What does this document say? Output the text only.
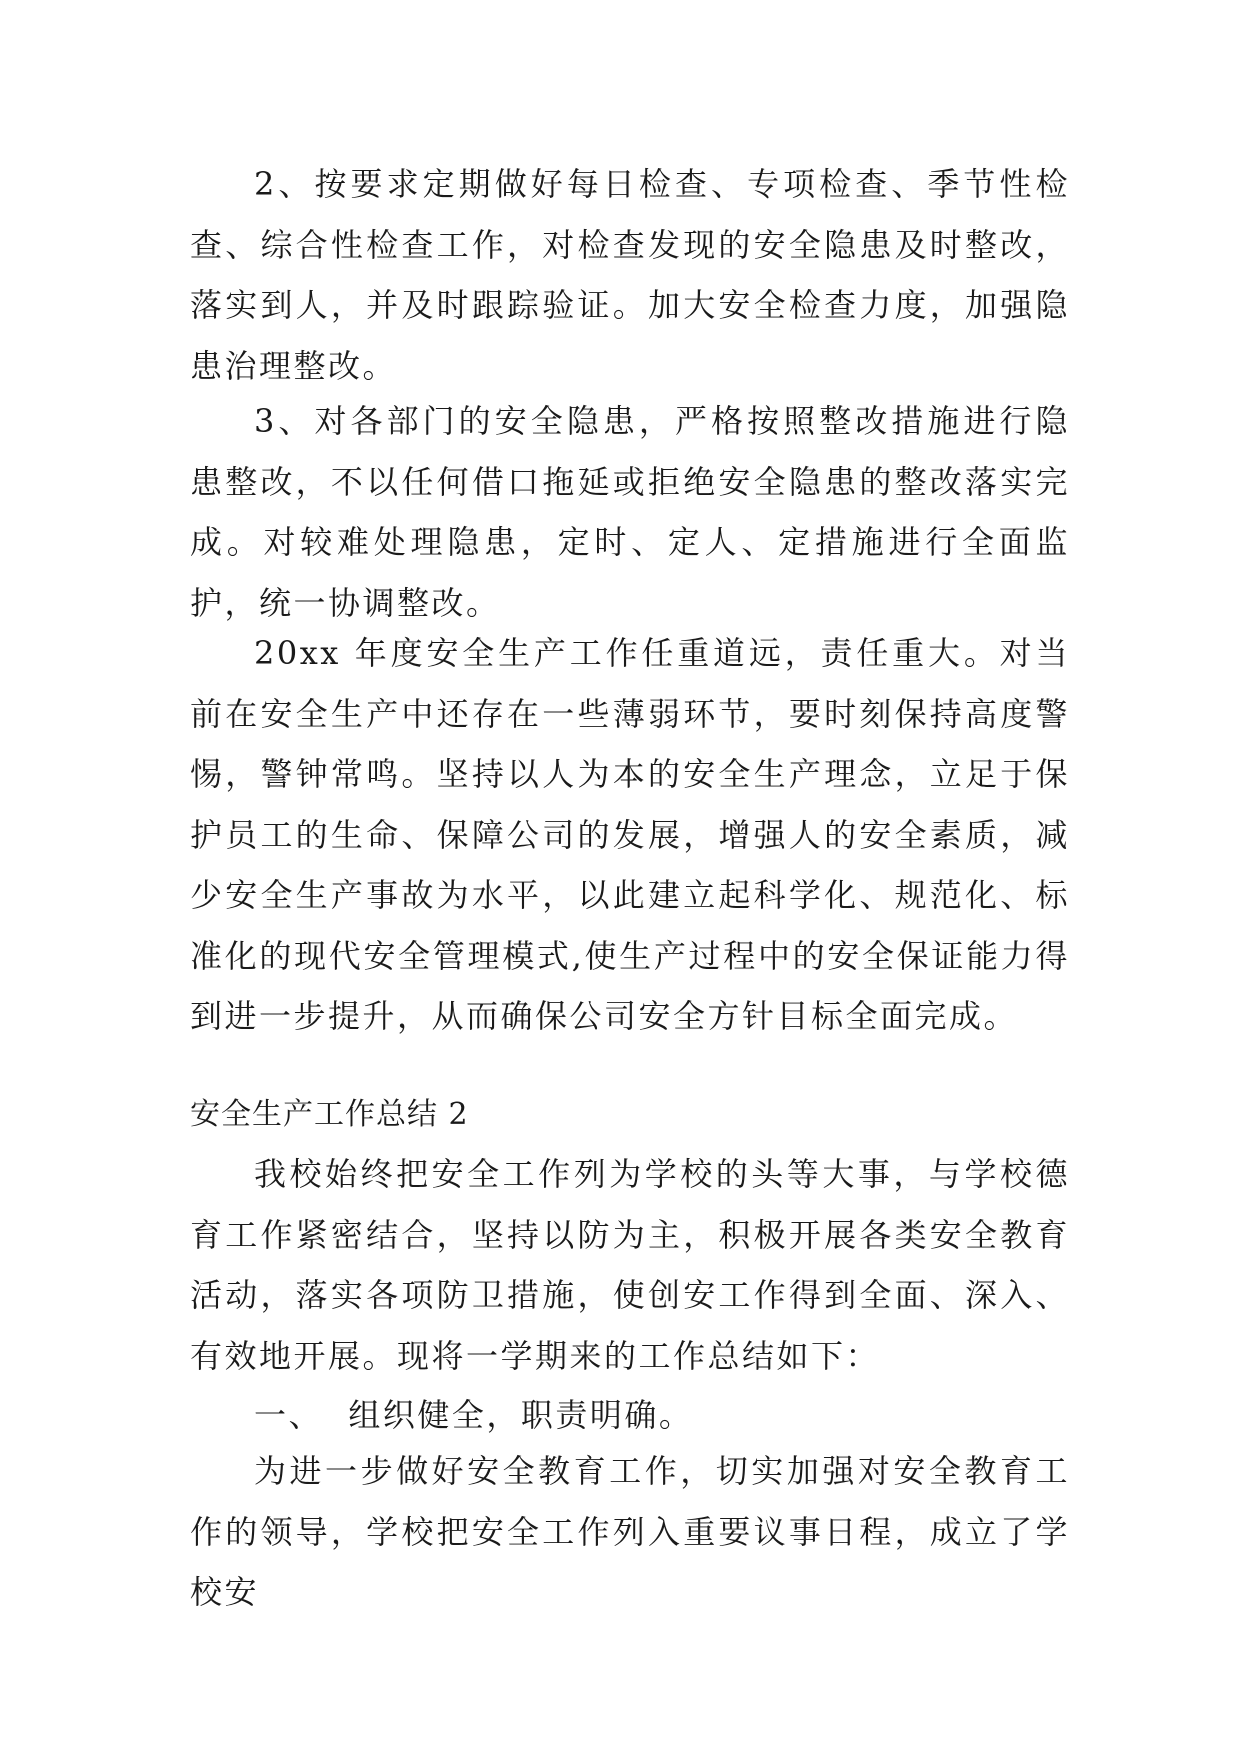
2、按要求定期做好每日检查、专项检查、季节性检查、综合性检查工作，对检查发现的安全隐患及时整改，落实到人，并及时跟踪验证。加大安全检查力度，加强隐患治理整改。

3、对各部门的安全隐患，严格按照整改措施进行隐患整改，不以任何借口拖延或拒绝安全隐患的整改落实完成。对较难处理隐患，定时、定人、定措施进行全面监护，统一协调整改。

20xx 年度安全生产工作任重道远，责任重大。对当前在安全生产中还存在一些薄弱环节，要时刻保持高度警惕，警钟常鸣。坚持以人为本的安全生产理念，立足于保护员工的生命、保障公司的发展，增强人的安全素质，减少安全生产事故为水平，以此建立起科学化、规范化、标准化的现代安全管理模式,使生产过程中的安全保证能力得到进一步提升，从而确保公司安全方针目标全面完成。

安全生产工作总结 2

我校始终把安全工作列为学校的头等大事，与学校德育工作紧密结合，坚持以防为主，积极开展各类安全教育活动，落实各项防卫措施，使创安工作得到全面、深入、有效地开展。现将一学期来的工作总结如下：

一、  组织健全，职责明确。

为进一步做好安全教育工作，切实加强对安全教育工作的领导，学校把安全工作列入重要议事日程，成立了学校安
